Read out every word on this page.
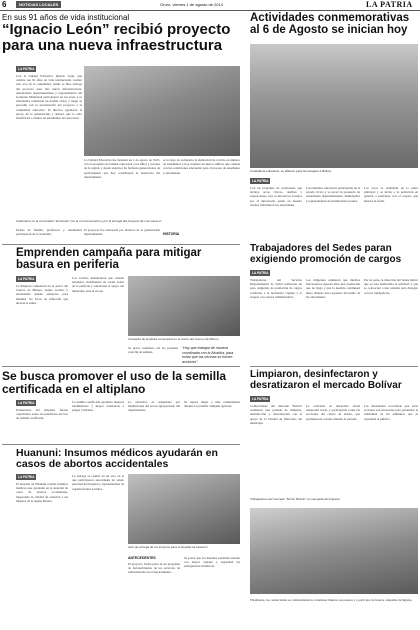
6	NOTICIAS LOCALES	Oruro, viernes 1 de agosto de 2014	LA PATRIA
En sus 91 años de vida institucional
“Ignacio León” recibió proyecto para una nueva infraestructura
LA PATRIA
Con la Unidad Educativa Ignacio León, que celebra sus 91 años de vida institucional, realizó este acto en la comunidad, donde se hizo entrega del proyecto para una nueva infraestructura. Autoridades departamentales y representantes del Gobierno Municipal participaron en los actos. Los estudiantes realizaron un desfile cívico y luego se procedió con la presentación del proyecto a la comunidad educativa. El director agradeció el apoyo de la gobernación y destacó que la obra beneficiará a cientos de estudiantes del área rural.
La Unidad Educativa fue fundada un 1 de agosto de 1923, con el propósito de brindar educación a los niños y jóvenes de la región, y desde entonces ha formado generaciones de profesionales que hoy contribuyen al desarrollo del departamento.
A lo largo de su historia la institución ha crecido en número de estudiantes y hoy requiere un nuevo edificio que cumpla con las condiciones adecuadas para el proceso de enseñanza y aprendizaje.
Celebraron en la comunidad “Socamani” por la conmemoración y por la entrega del proyecto de una nueva in
HISTORIA
Padres de familia, profesores y estudiantes participaron de la actividad.
El proyecto fue elaborado por técnicos de la gobernación departamental.
Actividades conmemorativas al 6 de Agosto se inician hoy
Ciudadanía educativa, se afiliaron para homenajear a Bolivia
LA PATRIA
Con un programa de actividades que incluye actos cívicos, desfiles y exposiciones, hoy se inician los festejos por el aniversario patrio en nuestra ciudad, informaron las autoridades.
Las unidades educativas participarán de la parada cívica y se prevé la presencia de autoridades departamentales, municipales y representantes de instituciones locales.
Los actos se realizarán en la plaza principal y se invita a la población en general a participar con el respeto que merece la fecha.
Emprenden campaña para mitigar basura en periferia
LA PATRIA
La limpieza comenzará en el sector del Cuervo de Minero, donde vecinos y autoridades unirán esfuerzos para eliminar los focos de infección que afectan la salud.
Los vecinos denunciaron que existen botaderos clandestinos en varias zonas de la periferia y solicitaron el apoyo del municipio para el recojo.
Campaña de limpieza comenzará en el sector del Cuervo de Minero
“Hay que trabajar de manera coordinada con la Alcaldía, para evitar que las vecinas se tomen acciones”
Se prevé continuar con las jornadas cada fin de semana.
Trabajadores del Sedes paran exigiendo promoción de cargos
LA PATRIA
Trabajadores del Servicio Departamental de Salud realizaron un paro exigiendo la promoción de cargos conforme a la normativa vigente y el respeto a la carrera administrativa.
Los dirigentes señalaron que muchos funcionarios esperan años una promoción que no llega y que la medida continuará hasta obtener una respuesta favorable de las autoridades.
Por su parte, la dirección del Sedes indicó que se está analizando la solicitud y que se convocará a una reunión para dialogar con los trabajadores.
Se busca promover el uso de la semilla certificada en el altiplano
LA PATRIA
Productores del altiplano fueron capacitados sobre los beneficios del uso de semilla certificada.
La semilla certificada garantiza mejores rendimientos y mayor resistencia a plagas y heladas.
La iniciativa es impulsada por instituciones del sector agropecuario del departamento.
Se espera llegar a más comunidades durante la próxima campaña agrícola.
Limpiaron, desinfectaron y desratizaron el mercado Bolívar
LA PATRIA
Comerciantes del mercado Bolívar realizaron una jornada de limpieza, desinfección y desratización con el apoyo de la Unidad de Mercados del municipio.
La actividad se desarrolló desde tempranas horas y participaron todas las secciones del centro de abasto, que permanecerá cerrado durante la jornada.
Las autoridades recordaron que estas acciones son necesarias para garantizar la salubridad de los alimentos que se expenden al público.
Trabajadores del mercado “Simón Bolívar” en campaña de limpieza
Finalmente, los comerciantes se comprometieron a mantener limpios sus puestos y a participar de futuras campañas de higiene.
Huanuni: Insumos médicos ayudarán en casos de abortos accidentales
LA PATRIA
El hospital de Huanuni recibió insumos médicos que ayudarán en la atención de casos de abortos accidentales, mejorando la calidad de atención a las mujeres de la región minera.
La entrega se realizó en un acto en el que participaron autoridades de salud, personal del hospital y representantes de organizaciones sociales.
Acto de entrega de los insumos para el hospital de Huanuni
ANTECEDENTES
El proyecto forma parte de un programa de fortalecimiento de los servicios de salud materna en el departamento.
Se prevé que los insumos permitan atender con mayor rapidez y seguridad las emergencias obstétricas.
